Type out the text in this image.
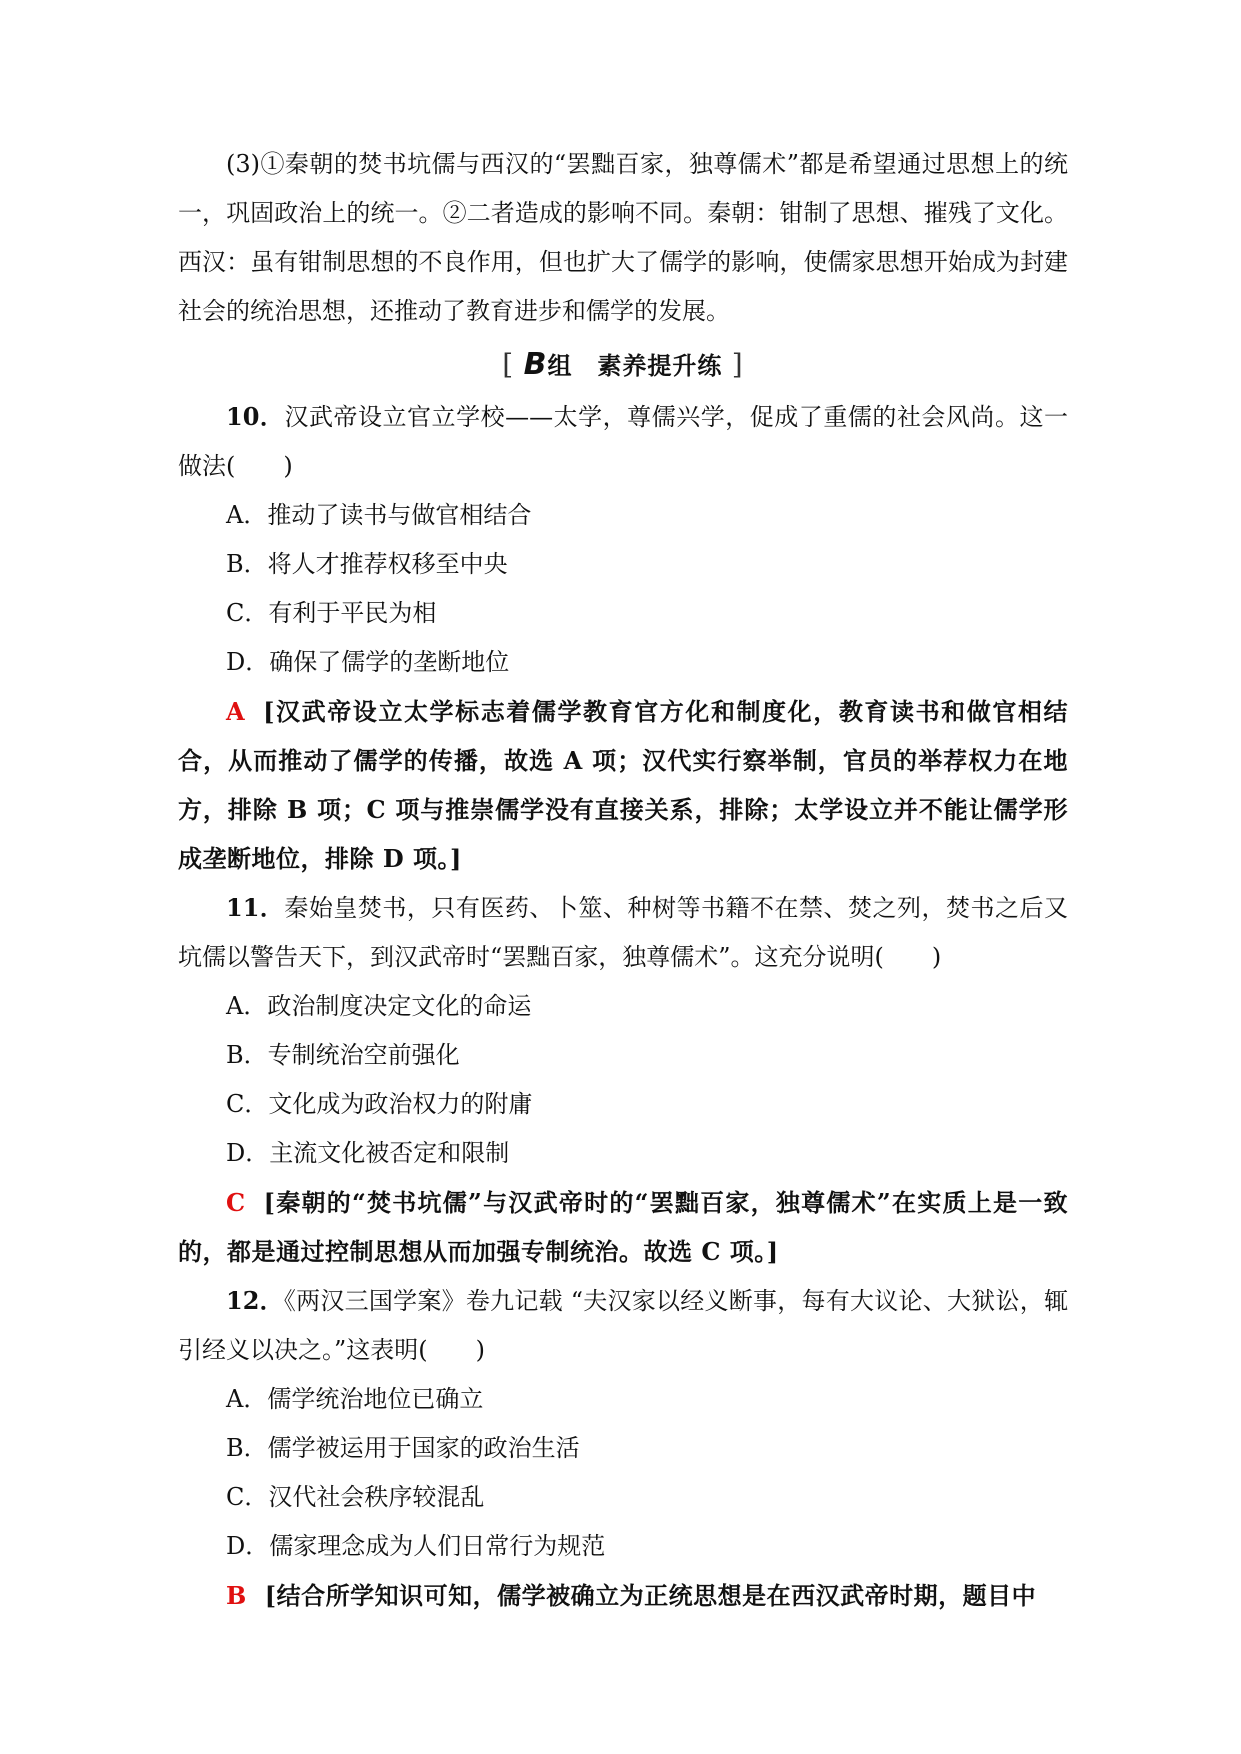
(3)①秦朝的焚书坑儒与西汉的“罢黜百家，独尊儒术”都是希望通过思想上的统一，巩固政治上的统一。②二者造成的影响不同。秦朝：钳制了思想、摧残了文化。西汉：虽有钳制思想的不良作用，但也扩大了儒学的影响，使儒家思想开始成为封建社会的统治思想，还推动了教育进步和儒学的发展。

[ B组　素养提升练 ]

10．汉武帝设立官立学校——太学，尊儒兴学，促成了重儒的社会风尚。这一做法(　　)

A．推动了读书与做官相结合

B．将人才推荐权移至中央

C．有利于平民为相

D．确保了儒学的垄断地位

A [汉武帝设立太学标志着儒学教育官方化和制度化，教育读书和做官相结合，从而推动了儒学的传播，故选 A 项；汉代实行察举制，官员的举荐权力在地方，排除 B 项；C 项与推崇儒学没有直接关系，排除；太学设立并不能让儒学形成垄断地位，排除 D 项。]

11．秦始皇焚书，只有医药、卜筮、种树等书籍不在禁、焚之列，焚书之后又坑儒以警告天下，到汉武帝时“罢黜百家，独尊儒术”。这充分说明(　　)

A．政治制度决定文化的命运

B．专制统治空前强化

C．文化成为政治权力的附庸

D．主流文化被否定和限制

C [秦朝的“焚书坑儒”与汉武帝时的“罢黜百家，独尊儒术”在实质上是一致的，都是通过控制思想从而加强专制统治。故选 C 项。]

12．《两汉三国学案》卷九记载 “夫汉家以经义断事，每有大议论、大狱讼，辄引经义以决之。”这表明(　　)

A．儒学统治地位已确立

B．儒学被运用于国家的政治生活

C．汉代社会秩序较混乱

D．儒家理念成为人们日常行为规范

B [结合所学知识可知，儒学被确立为正统思想是在西汉武帝时期，题目中
